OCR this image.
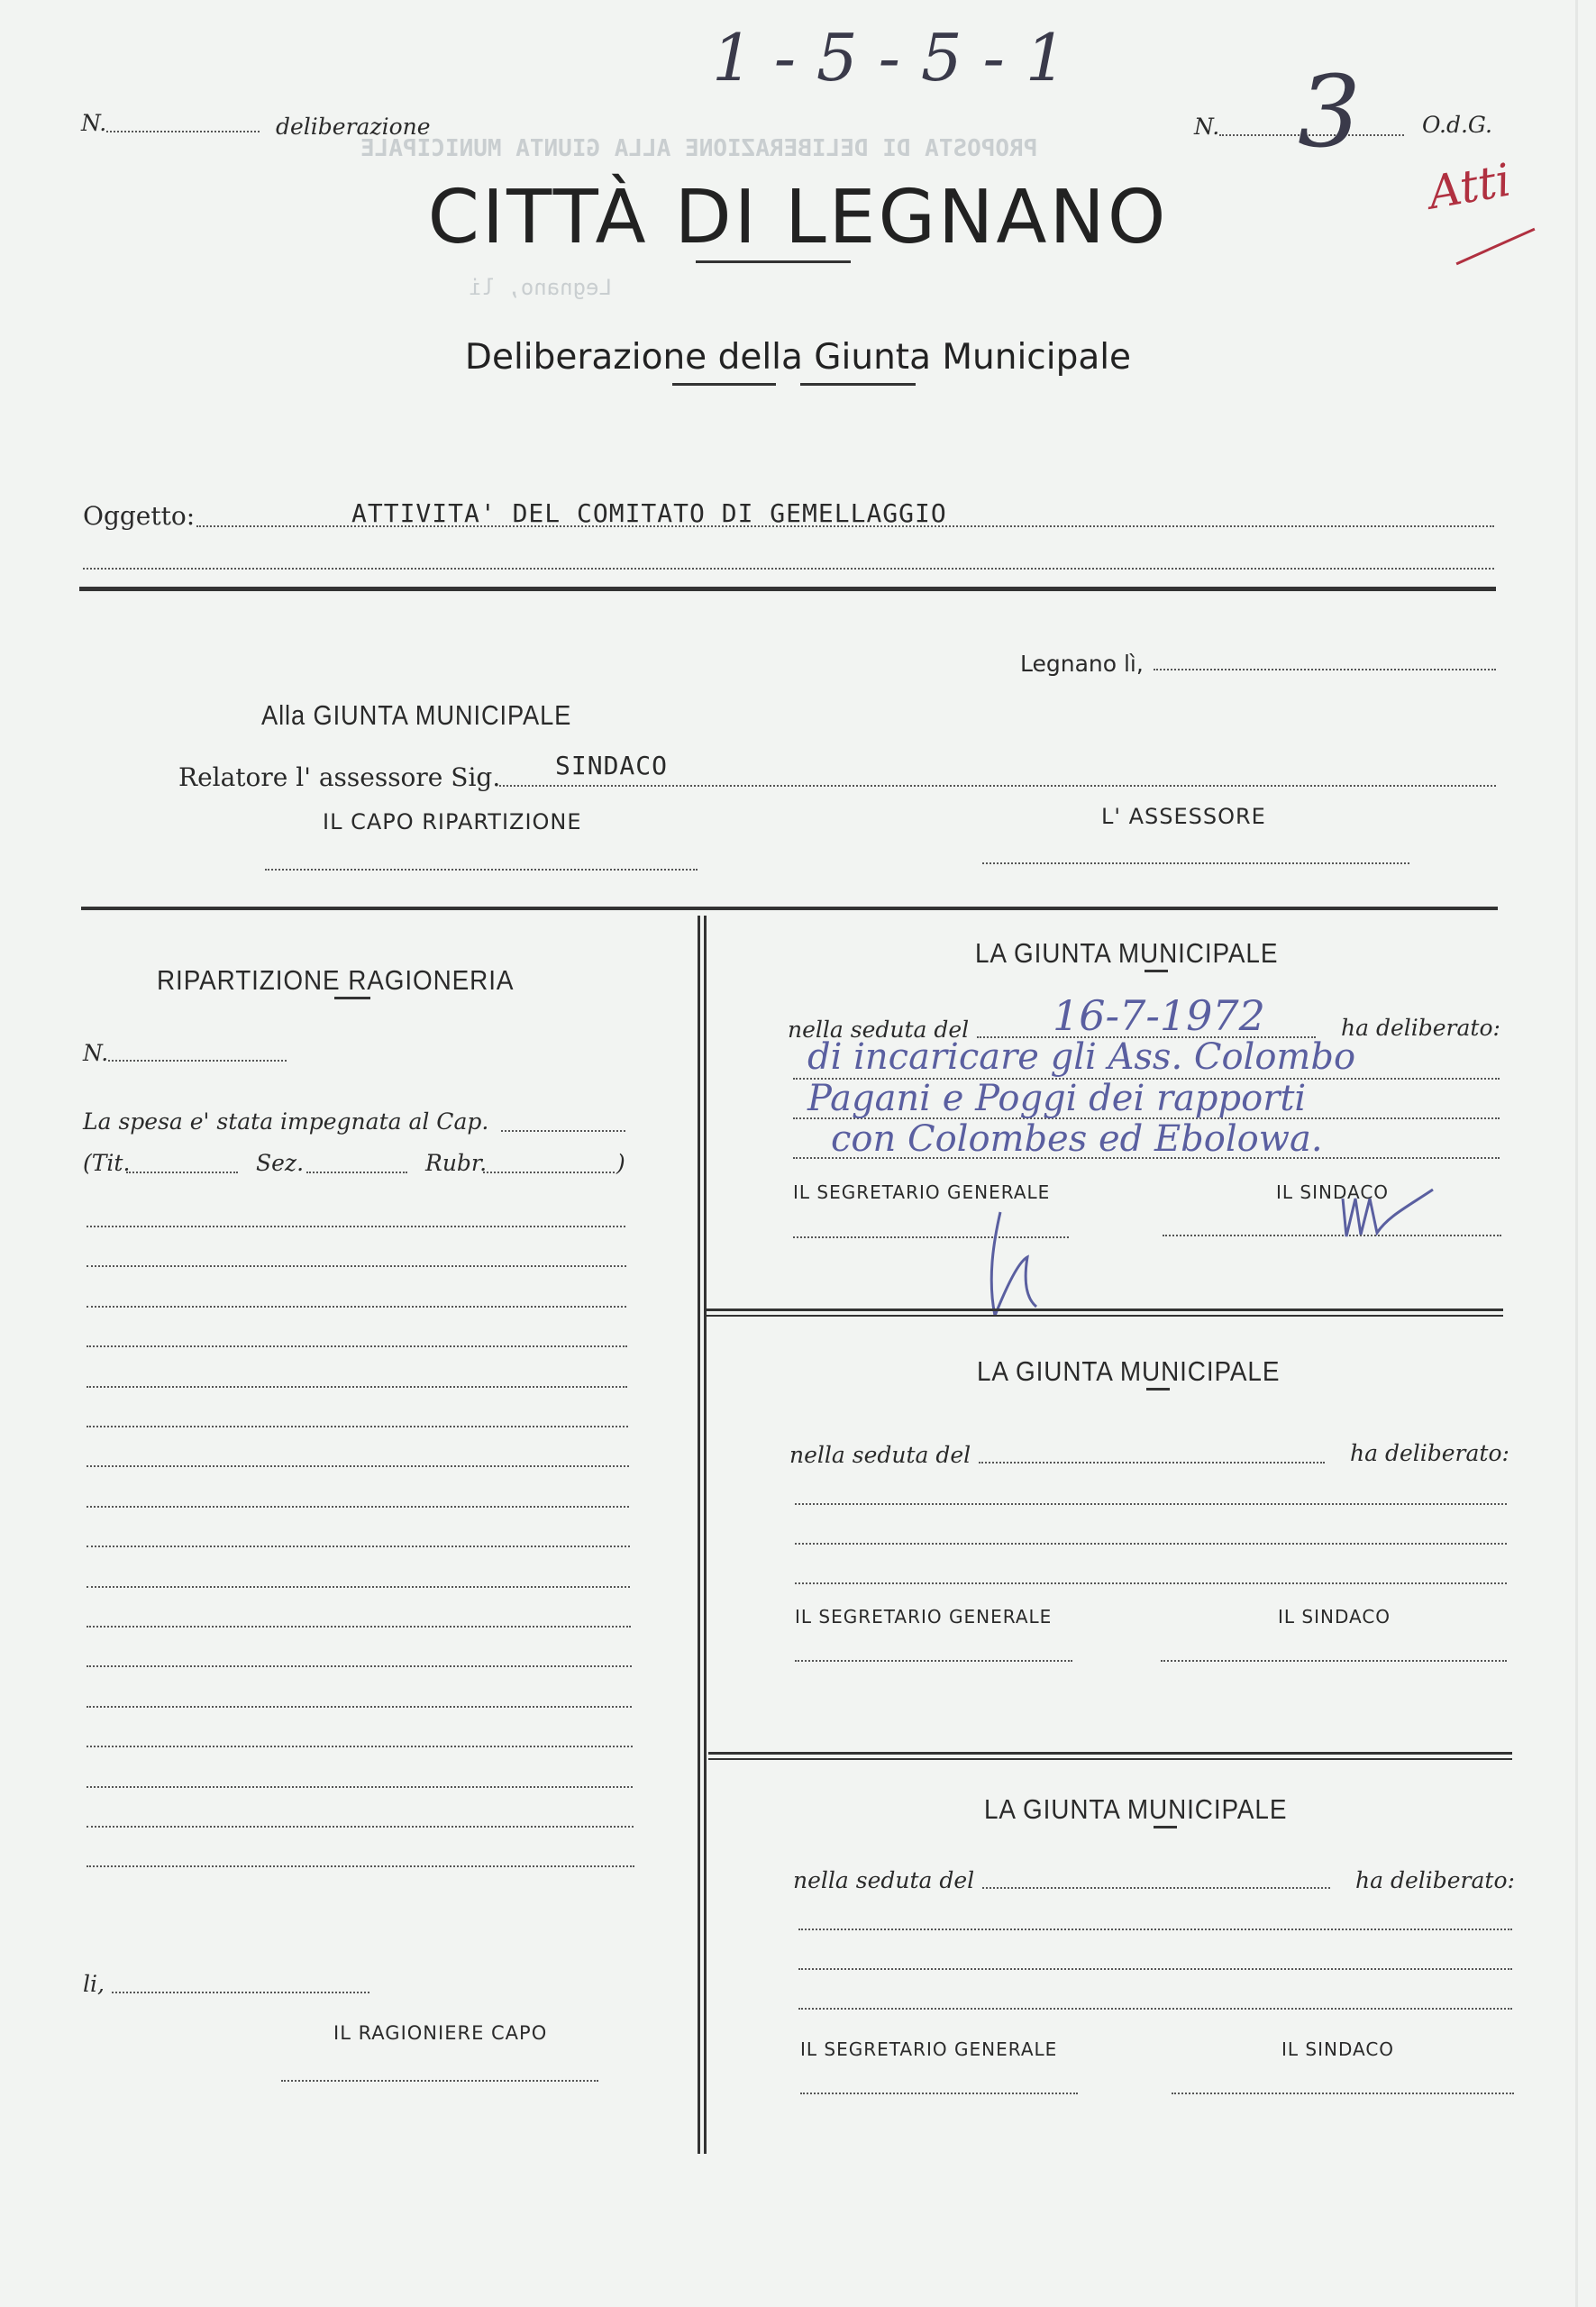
PROPOSTA DI DELIBERAZIONE ALLA GIUNTA MUNICIPALE
Legnano, li
N.	deliberazione
1 - 5 - 5 - 1
N. 3	O.d.G.
Atti
CITTÀ DI LEGNANO
Deliberazione della Giunta Municipale
Oggetto:	ATTIVITA' DEL COMITATO DI GEMELLAGGIO
Legnano lì,
Alla GIUNTA MUNICIPALE
Relatore l' assessore Sig. SINDACO
IL CAPO RIPARTIZIONE	L' ASSESSORE
RIPARTIZIONE RAGIONERIA
N.
La spesa e' stata impegnata al Cap.
(Tit.	Sez.	Rubr.	)
li,
IL RAGIONIERE CAPO
LA GIUNTA MUNICIPALE
nella seduta del 16-7-1972	ha deliberato:
di incaricare gli Ass. Colombo
Pagani e Poggi dei rapporti
con Colombes ed Ebolowa.
IL SEGRETARIO GENERALE	IL SINDACO
LA GIUNTA MUNICIPALE
nella seduta del	ha deliberato:
IL SEGRETARIO GENERALE	IL SINDACO
LA GIUNTA MUNICIPALE
nella seduta del	ha deliberato:
IL SEGRETARIO GENERALE	IL SINDACO
